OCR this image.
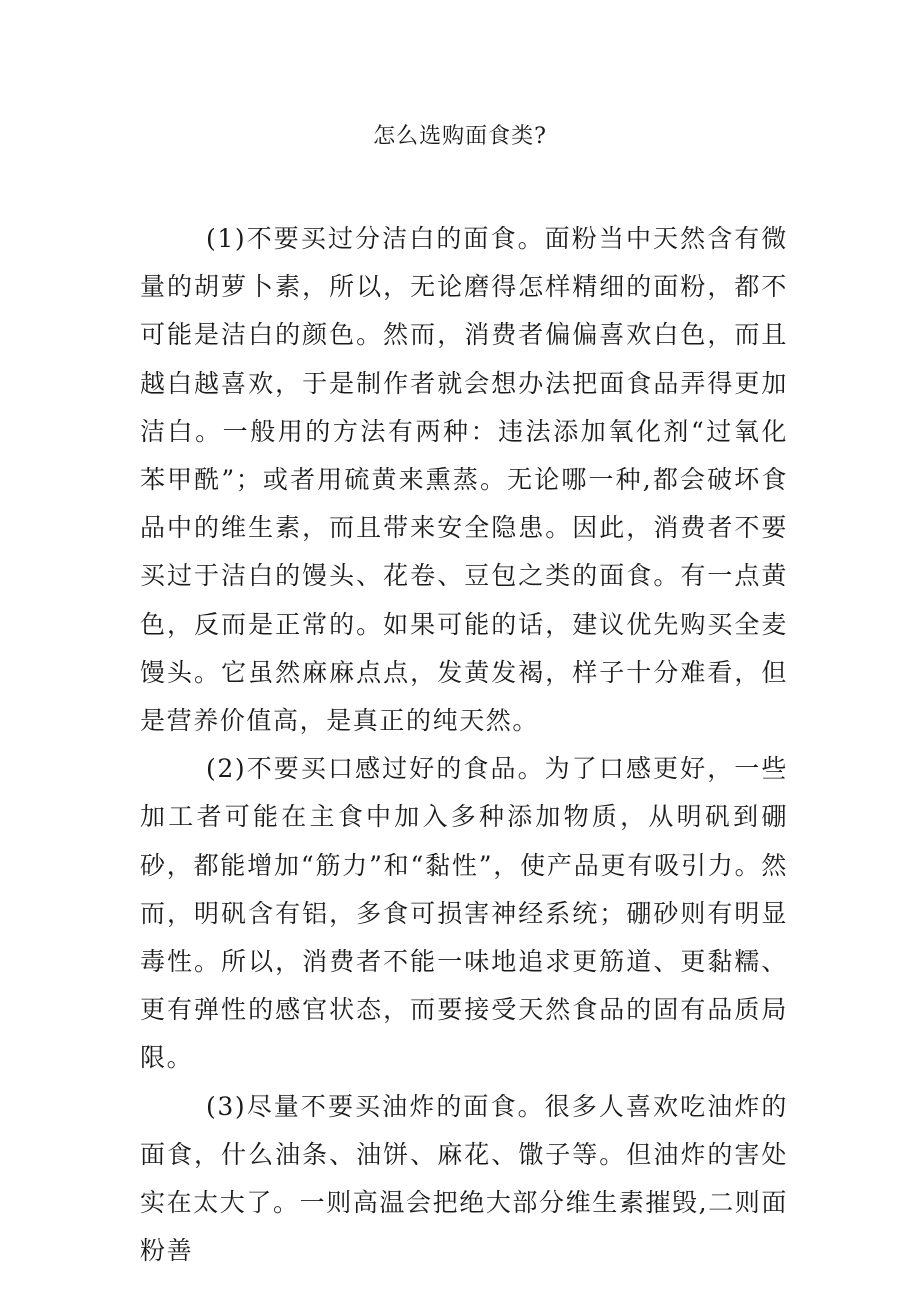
怎么选购面食类?

(1)不要买过分洁白的面食。面粉当中天然含有微量的胡萝卜素，所以，无论磨得怎样精细的面粉，都不可能是洁白的颜色。然而，消费者偏偏喜欢白色，而且越白越喜欢，于是制作者就会想办法把面食品弄得更加洁白。一般用的方法有两种：违法添加氧化剂“过氧化苯甲酰”；或者用硫黄来熏蒸。无论哪一种,都会破坏食品中的维生素，而且带来安全隐患。因此，消费者不要买过于洁白的馒头、花卷、豆包之类的面食。有一点黄色，反而是正常的。如果可能的话，建议优先购买全麦馒头。它虽然麻麻点点，发黄发褐，样子十分难看，但是营养价值高，是真正的纯天然。

(2)不要买口感过好的食品。为了口感更好，一些加工者可能在主食中加入多种添加物质，从明矾到硼砂，都能增加“筋力”和“黏性”，使产品更有吸引力。然而，明矾含有铝，多食可损害神经系统；硼砂则有明显毒性。所以，消费者不能一味地追求更筋道、更黏糯、更有弹性的感官状态，而要接受天然食品的固有品质局限。

(3)尽量不要买油炸的面食。很多人喜欢吃油炸的面食，什么油条、油饼、麻花、馓子等。但油炸的害处实在太大了。一则高温会把绝大部分维生素摧毁,二则面粉善
